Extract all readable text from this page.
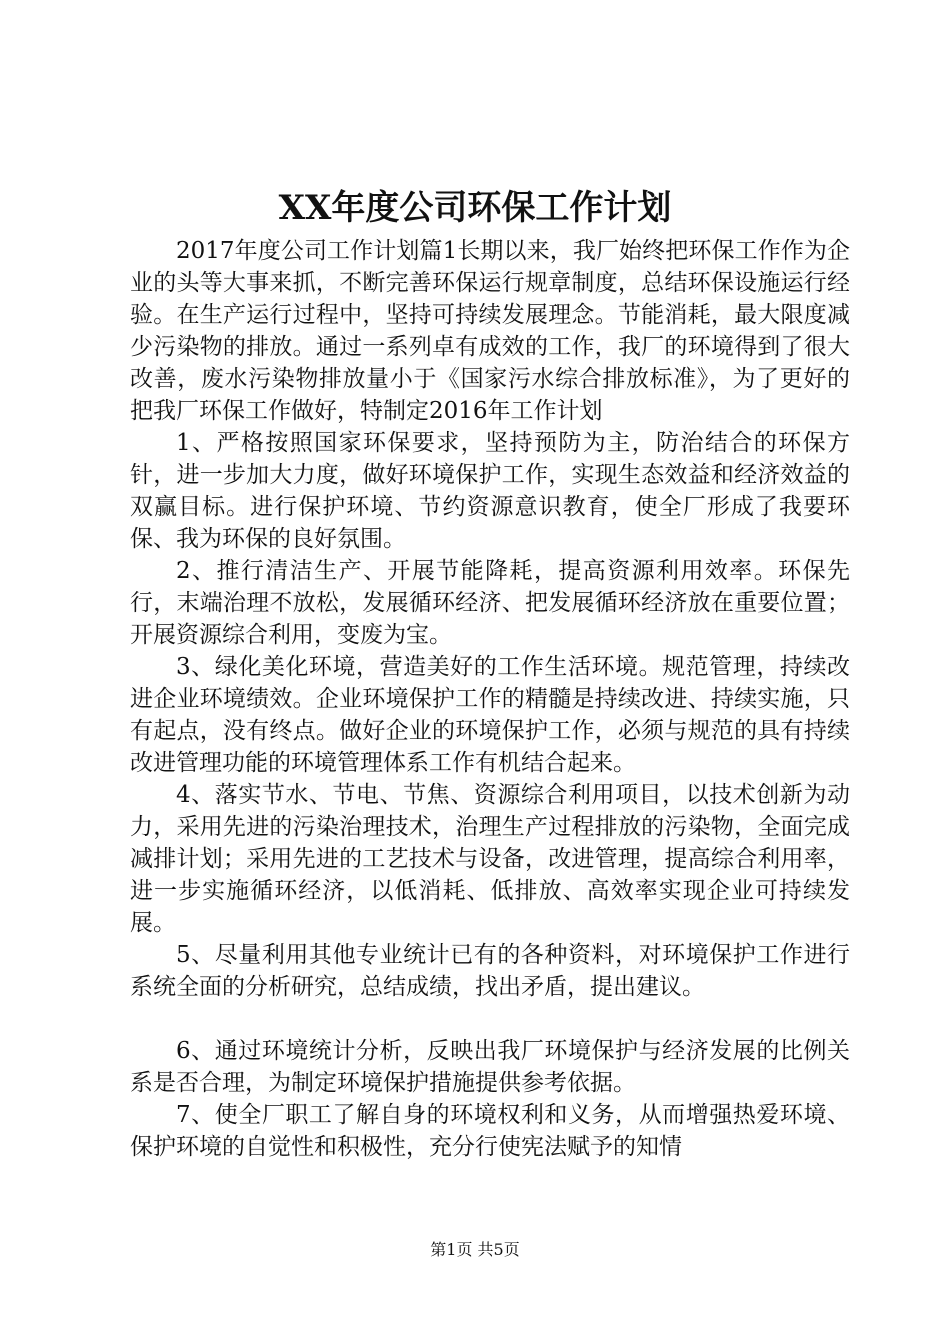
XX年度公司环保工作计划

2017年度公司工作计划篇1长期以来，我厂始终把环保工作作为企业的头等大事来抓，不断完善环保运行规章制度，总结环保设施运行经验。在生产运行过程中，坚持可持续发展理念。节能消耗，最大限度减少污染物的排放。通过一系列卓有成效的工作，我厂的环境得到了很大改善，废水污染物排放量小于《国家污水综合排放标准》，为了更好的把我厂环保工作做好，特制定2016年工作计划

1、严格按照国家环保要求，坚持预防为主，防治结合的环保方针，进一步加大力度，做好环境保护工作，实现生态效益和经济效益的双赢目标。进行保护环境、节约资源意识教育，使全厂形成了我要环保、我为环保的良好氛围。

2、推行清洁生产、开展节能降耗，提高资源利用效率。环保先行，末端治理不放松，发展循环经济、把发展循环经济放在重要位置；开展资源综合利用，变废为宝。

3、绿化美化环境，营造美好的工作生活环境。规范管理，持续改进企业环境绩效。企业环境保护工作的精髓是持续改进、持续实施，只有起点，没有终点。做好企业的环境保护工作，必须与规范的具有持续改进管理功能的环境管理体系工作有机结合起来。

4、落实节水、节电、节焦、资源综合利用项目，以技术创新为动力，采用先进的污染治理技术，治理生产过程排放的污染物，全面完成减排计划；采用先进的工艺技术与设备，改进管理，提高综合利用率，进一步实施循环经济，以低消耗、低排放、高效率实现企业可持续发展。

5、尽量利用其他专业统计已有的各种资料，对环境保护工作进行系统全面的分析研究，总结成绩，找出矛盾，提出建议。

6、通过环境统计分析，反映出我厂环境保护与经济发展的比例关系是否合理，为制定环境保护措施提供参考依据。

7、使全厂职工了解自身的环境权利和义务，从而增强热爱环境、保护环境的自觉性和积极性，充分行使宪法赋予的知情

第1页 共5页
